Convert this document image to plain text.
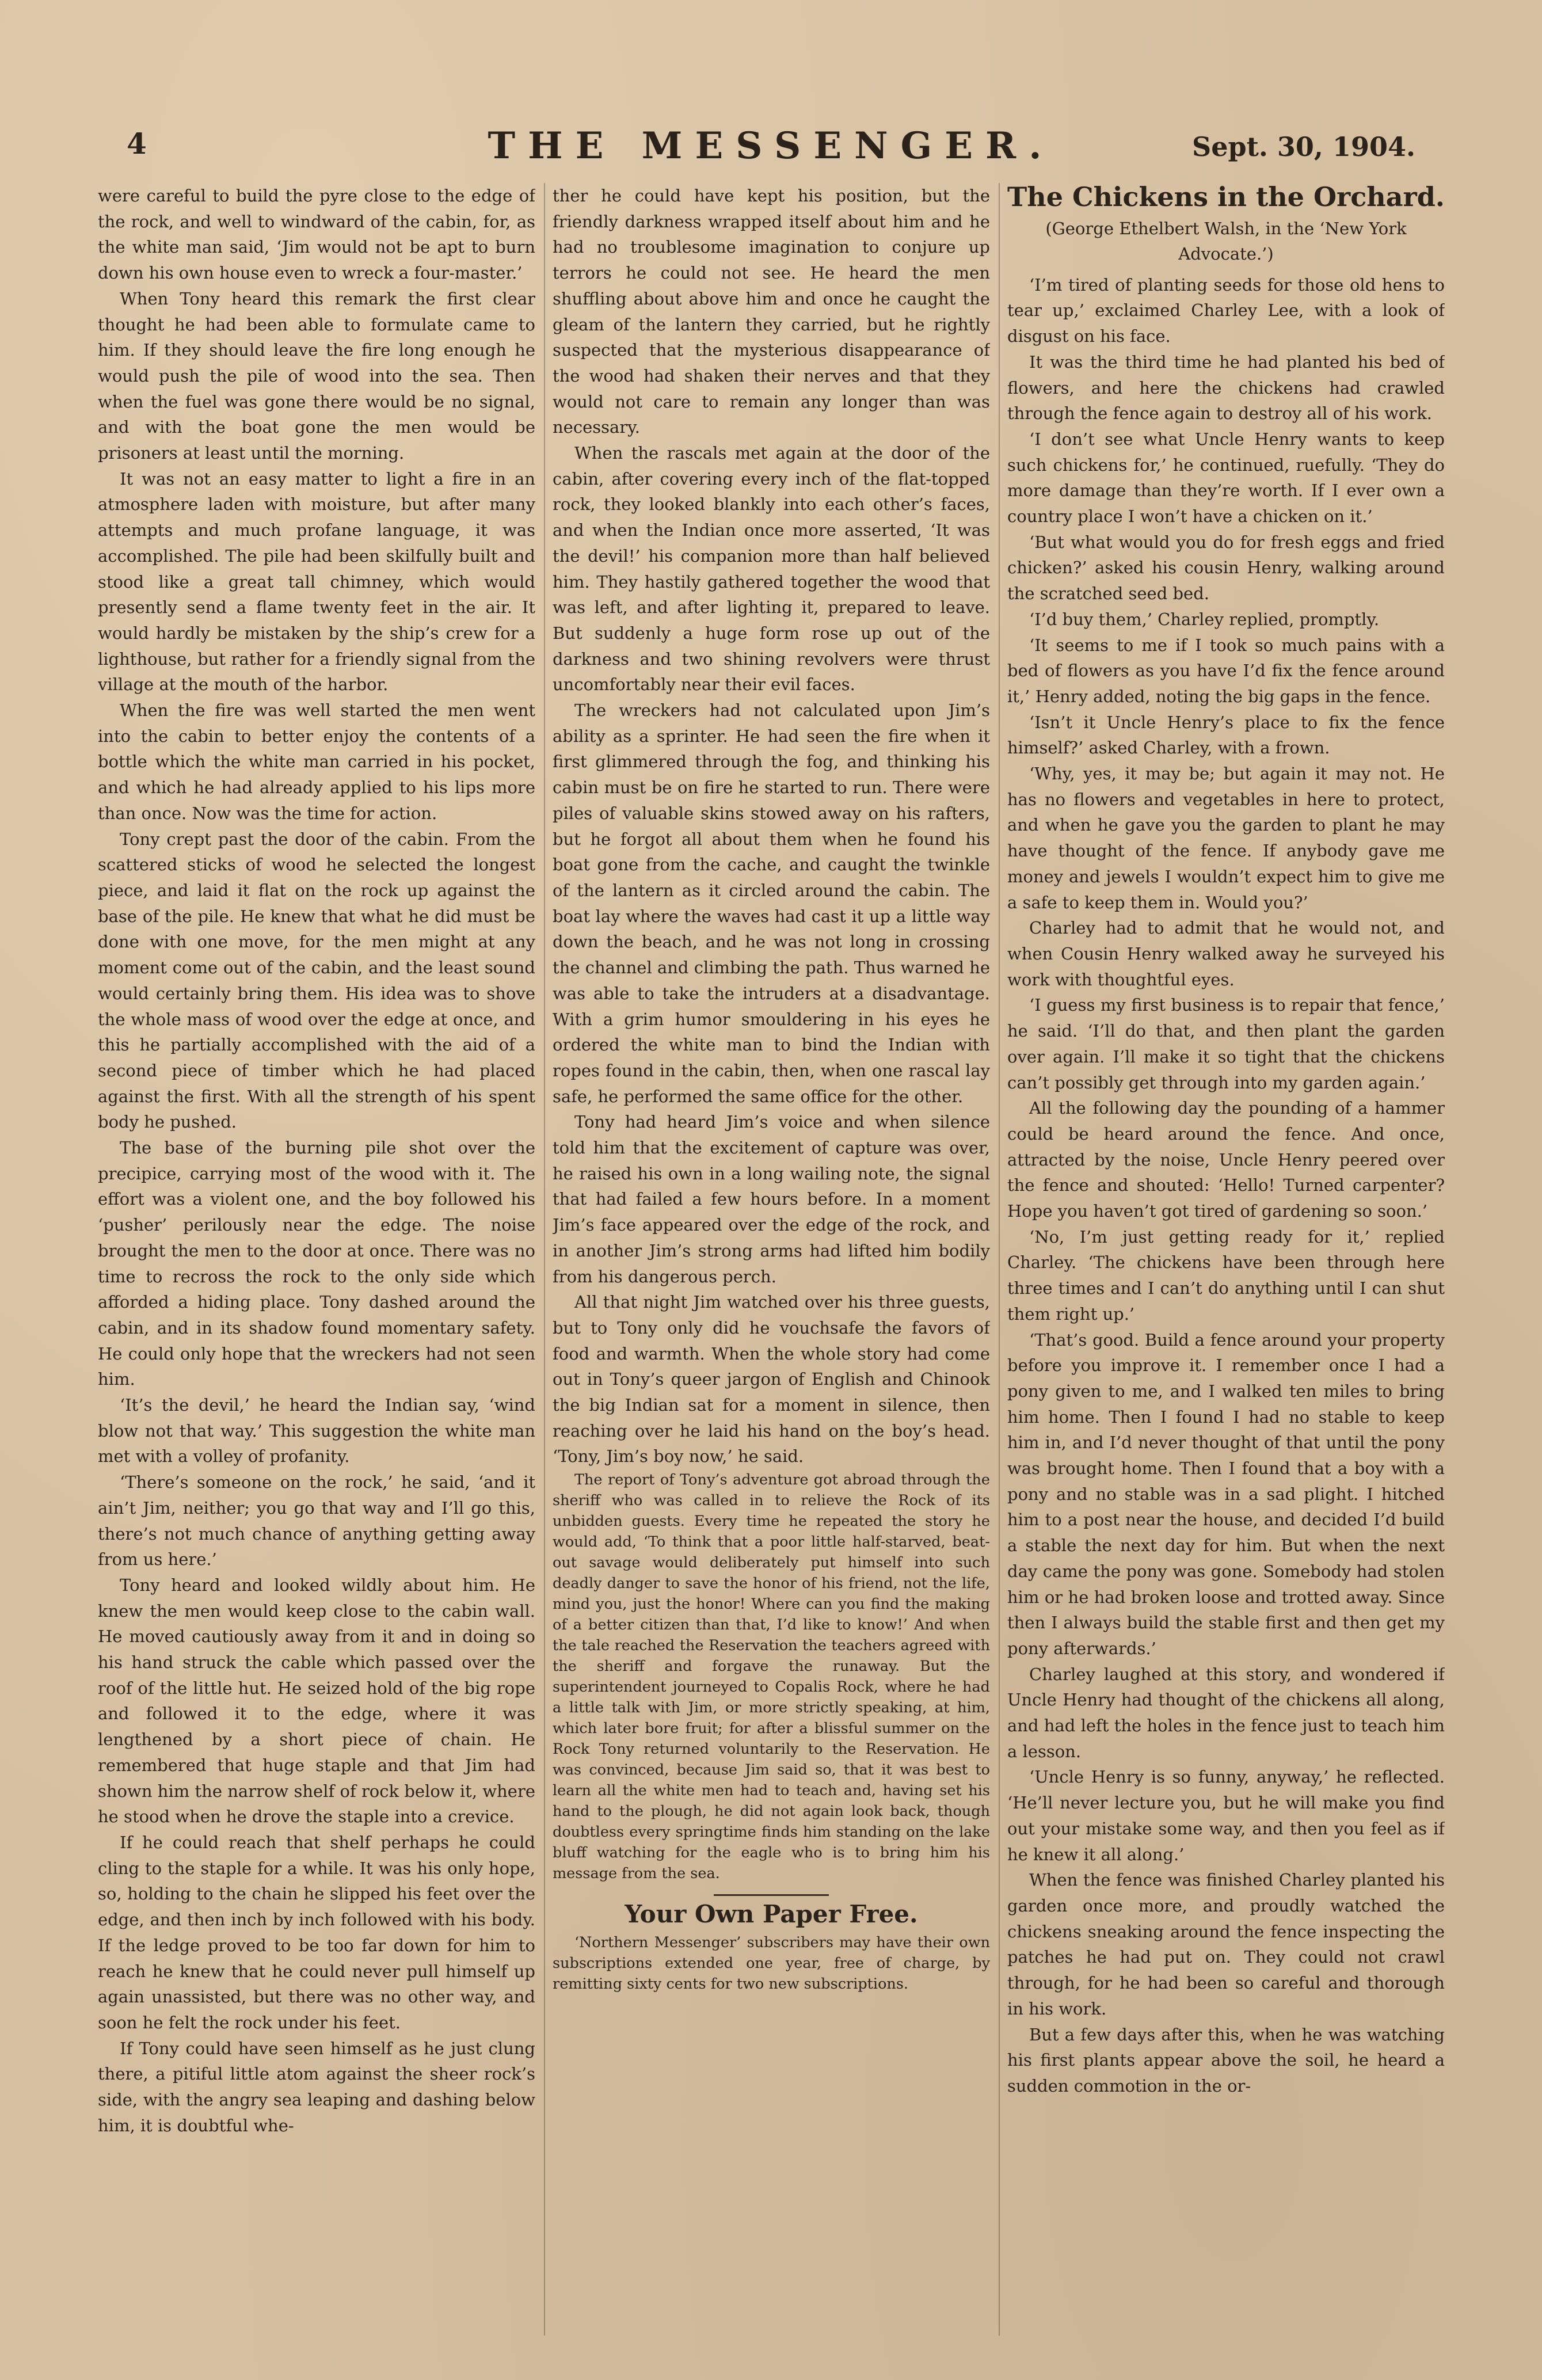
4	THE MESSENGER.	Sept. 30, 1904.

were careful to build the pyre close to the edge of the rock, and well to windward of the cabin, for, as the white man said, ‘Jim would not be apt to burn down his own house even to wreck a four-master.’

When Tony heard this remark the first clear thought he had been able to formulate came to him. If they should leave the fire long enough he would push the pile of wood into the sea. Then when the fuel was gone there would be no signal, and with the boat gone the men would be prisoners at least until the morning.

It was not an easy matter to light a fire in an atmosphere laden with moisture, but after many attempts and much profane language, it was accomplished. The pile had been skilfully built and stood like a great tall chimney, which would presently send a flame twenty feet in the air. It would hardly be mistaken by the ship’s crew for a lighthouse, but rather for a friendly signal from the village at the mouth of the harbor.

When the fire was well started the men went into the cabin to better enjoy the contents of a bottle which the white man carried in his pocket, and which he had already applied to his lips more than once. Now was the time for action.

Tony crept past the door of the cabin. From the scattered sticks of wood he selected the longest piece, and laid it flat on the rock up against the base of the pile. He knew that what he did must be done with one move, for the men might at any moment come out of the cabin, and the least sound would certainly bring them. His idea was to shove the whole mass of wood over the edge at once, and this he partially accomplished with the aid of a second piece of timber which he had placed against the first. With all the strength of his spent body he pushed.

The base of the burning pile shot over the precipice, carrying most of the wood with it. The effort was a violent one, and the boy followed his ‘pusher’ perilously near the edge. The noise brought the men to the door at once. There was no time to recross the rock to the only side which afforded a hiding place. Tony dashed around the cabin, and in its shadow found momentary safety. He could only hope that the wreckers had not seen him.

‘It’s the devil,’ he heard the Indian say, ‘wind blow not that way.’ This suggestion the white man met with a volley of profanity.

‘There’s someone on the rock,’ he said, ‘and it ain’t Jim, neither; you go that way and I’ll go this, there’s not much chance of anything getting away from us here.’

Tony heard and looked wildly about him. He knew the men would keep close to the cabin wall. He moved cautiously away from it and in doing so his hand struck the cable which passed over the roof of the little hut. He seized hold of the big rope and followed it to the edge, where it was lengthened by a short piece of chain. He remembered that huge staple and that Jim had shown him the narrow shelf of rock below it, where he stood when he drove the staple into a crevice.

If he could reach that shelf perhaps he could cling to the staple for a while. It was his only hope, so, holding to the chain he slipped his feet over the edge, and then inch by inch followed with his body. If the ledge proved to be too far down for him to reach he knew that he could never pull himself up again unassisted, but there was no other way, and soon he felt the rock under his feet.

If Tony could have seen himself as he just clung there, a pitiful little atom against the sheer rock’s side, with the angry sea leaping and dashing below him, it is doubtful whe-

ther he could have kept his position, but the friendly darkness wrapped itself about him and he had no troublesome imagination to conjure up terrors he could not see. He heard the men shuffling about above him and once he caught the gleam of the lantern they carried, but he rightly suspected that the mysterious disappearance of the wood had shaken their nerves and that they would not care to remain any longer than was necessary.

When the rascals met again at the door of the cabin, after covering every inch of the flat-topped rock, they looked blankly into each other’s faces, and when the Indian once more asserted, ‘It was the devil!’ his companion more than half believed him. They hastily gathered together the wood that was left, and after lighting it, prepared to leave. But suddenly a huge form rose up out of the darkness and two shining revolvers were thrust uncomfortably near their evil faces.

The wreckers had not calculated upon Jim’s ability as a sprinter. He had seen the fire when it first glimmered through the fog, and thinking his cabin must be on fire he started to run. There were piles of valuable skins stowed away on his rafters, but he forgot all about them when he found his boat gone from the cache, and caught the twinkle of the lantern as it circled around the cabin. The boat lay where the waves had cast it up a little way down the beach, and he was not long in crossing the channel and climbing the path. Thus warned he was able to take the intruders at a disadvantage. With a grim humor smouldering in his eyes he ordered the white man to bind the Indian with ropes found in the cabin, then, when one rascal lay safe, he performed the same office for the other.

Tony had heard Jim’s voice and when silence told him that the excitement of capture was over, he raised his own in a long wailing note, the signal that had failed a few hours before. In a moment Jim’s face appeared over the edge of the rock, and in another Jim’s strong arms had lifted him bodily from his dangerous perch.

All that night Jim watched over his three guests, but to Tony only did he vouchsafe the favors of food and warmth. When the whole story had come out in Tony’s queer jargon of English and Chinook the big Indian sat for a moment in silence, then reaching over he laid his hand on the boy’s head. ‘Tony, Jim’s boy now,’ he said.

The report of Tony’s adventure got abroad through the sheriff who was called in to relieve the Rock of its unbidden guests. Every time he repeated the story he would add, ‘To think that a poor little half-starved, beat-out savage would deliberately put himself into such deadly danger to save the honor of his friend, not the life, mind you, just the honor! Where can you find the making of a better citizen than that, I’d like to know!’ And when the tale reached the Reservation the teachers agreed with the sheriff and forgave the runaway. But the superintendent journeyed to Copalis Rock, where he had a little talk with Jim, or more strictly speaking, at him, which later bore fruit; for after a blissful summer on the Rock Tony returned voluntarily to the Reservation. He was convinced, because Jim said so, that it was best to learn all the white men had to teach and, having set his hand to the plough, he did not again look back, though doubtless every springtime finds him standing on the lake bluff watching for the eagle who is to bring him his message from the sea.

Your Own Paper Free.

‘Northern Messenger’ subscribers may have their own subscriptions extended one year, free of charge, by remitting sixty cents for two new subscriptions.

The Chickens in the Orchard.
(George Ethelbert Walsh, in the ‘New York Advocate.’)

‘I’m tired of planting seeds for those old hens to tear up,’ exclaimed Charley Lee, with a look of disgust on his face.

It was the third time he had planted his bed of flowers, and here the chickens had crawled through the fence again to destroy all of his work.

‘I don’t see what Uncle Henry wants to keep such chickens for,’ he continued, ruefully. ‘They do more damage than they’re worth. If I ever own a country place I won’t have a chicken on it.’

‘But what would you do for fresh eggs and fried chicken?’ asked his cousin Henry, walking around the scratched seed bed.

‘I’d buy them,’ Charley replied, promptly.

‘It seems to me if I took so much pains with a bed of flowers as you have I’d fix the fence around it,’ Henry added, noting the big gaps in the fence.

‘Isn’t it Uncle Henry’s place to fix the fence himself?’ asked Charley, with a frown.

‘Why, yes, it may be; but again it may not. He has no flowers and vegetables in here to protect, and when he gave you the garden to plant he may have thought of the fence. If anybody gave me money and jewels I wouldn’t expect him to give me a safe to keep them in. Would you?’

Charley had to admit that he would not, and when Cousin Henry walked away he surveyed his work with thoughtful eyes.

‘I guess my first business is to repair that fence,’ he said. ‘I’ll do that, and then plant the garden over again. I’ll make it so tight that the chickens can’t possibly get through into my garden again.’

All the following day the pounding of a hammer could be heard around the fence. And once, attracted by the noise, Uncle Henry peered over the fence and shouted: ‘Hello! Turned carpenter? Hope you haven’t got tired of gardening so soon.’

‘No, I’m just getting ready for it,’ replied Charley. ‘The chickens have been through here three times and I can’t do anything until I can shut them right up.’

‘That’s good. Build a fence around your property before you improve it. I remember once I had a pony given to me, and I walked ten miles to bring him home. Then I found I had no stable to keep him in, and I’d never thought of that until the pony was brought home. Then I found that a boy with a pony and no stable was in a sad plight. I hitched him to a post near the house, and decided I’d build a stable the next day for him. But when the next day came the pony was gone. Somebody had stolen him or he had broken loose and trotted away. Since then I always build the stable first and then get my pony afterwards.’

Charley laughed at this story, and wondered if Uncle Henry had thought of the chickens all along, and had left the holes in the fence just to teach him a lesson.

‘Uncle Henry is so funny, anyway,’ he reflected. ‘He’ll never lecture you, but he will make you find out your mistake some way, and then you feel as if he knew it all along.’

When the fence was finished Charley planted his garden once more, and proudly watched the chickens sneaking around the fence inspecting the patches he had put on. They could not crawl through, for he had been so careful and thorough in his work.

But a few days after this, when he was watching his first plants appear above the soil, he heard a sudden commotion in the or-
